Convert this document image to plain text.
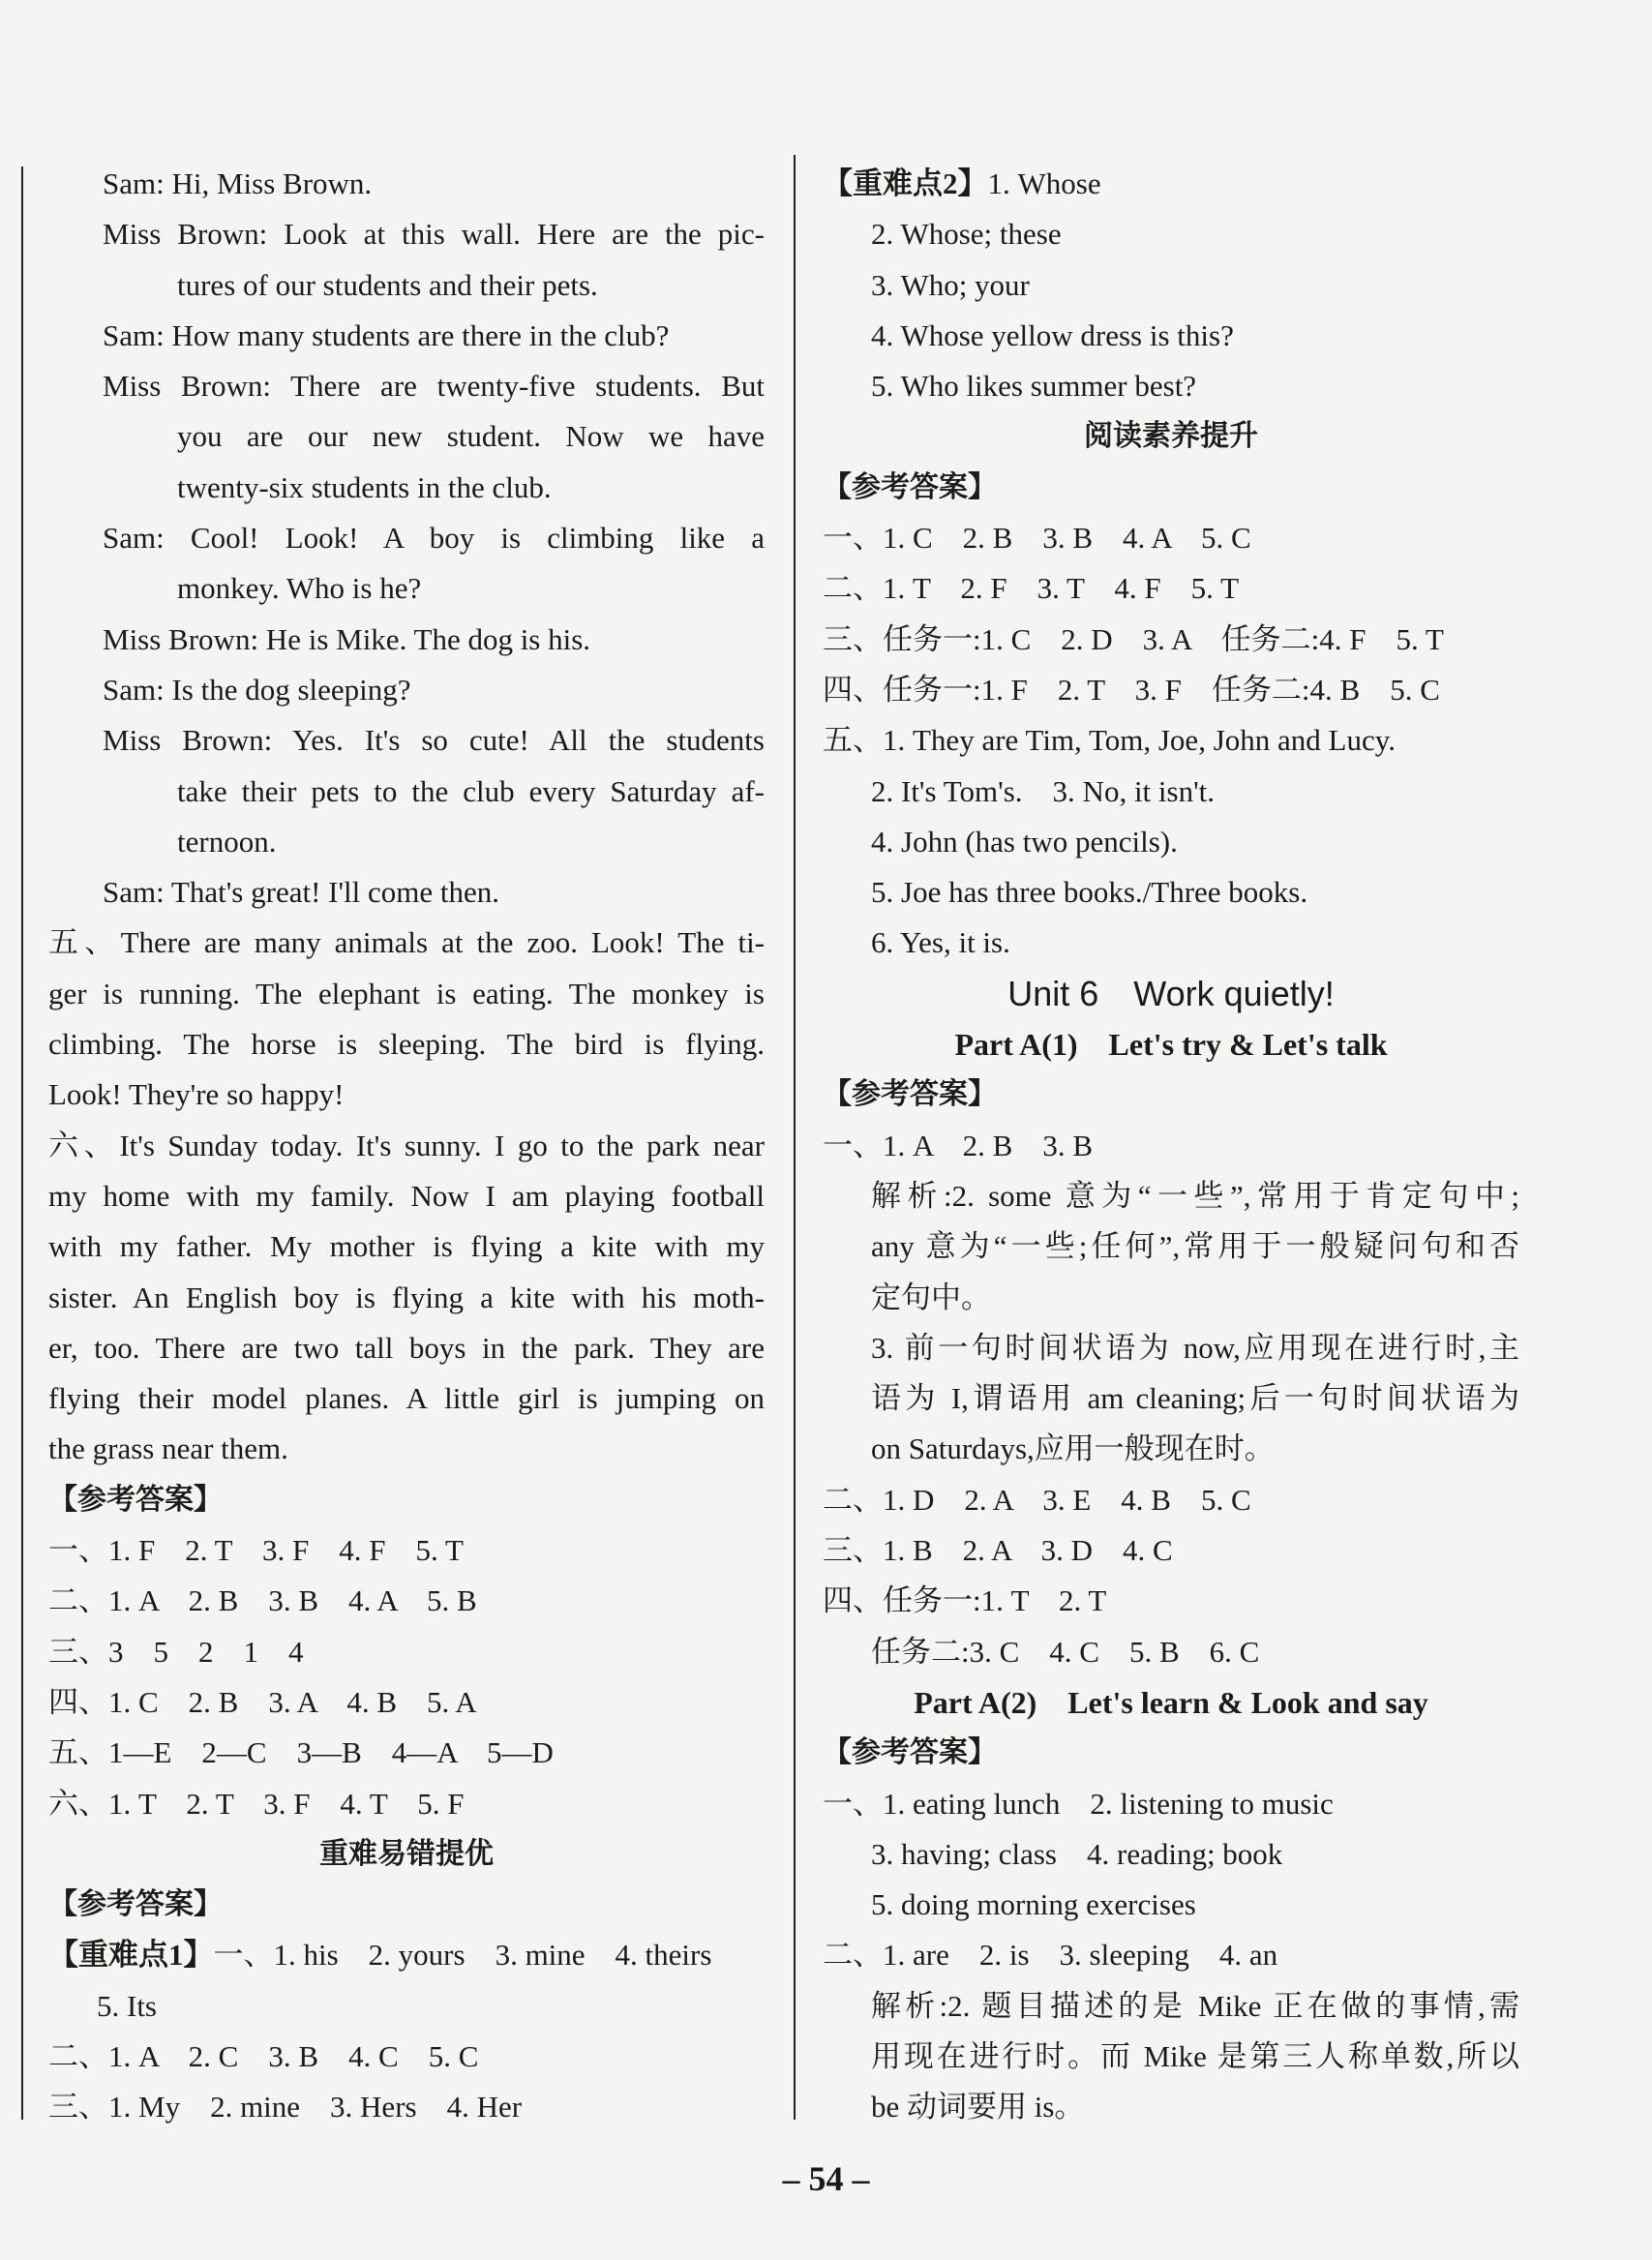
Sam: Hi, Miss Brown.
Miss Brown: Look at this wall. Here are the pic-
tures of our students and their pets.
Sam: How many students are there in the club?
Miss Brown: There are twenty-five students. But
you are our new student. Now we have
twenty-six students in the club.
Sam: Cool! Look! A boy is climbing like a
monkey. Who is he?
Miss Brown: He is Mike. The dog is his.
Sam: Is the dog sleeping?
Miss Brown: Yes. It's so cute! All the students
take their pets to the club every Saturday af-
ternoon.
Sam: That's great! I'll come then.
五、There are many animals at the zoo. Look! The ti-
ger is running. The elephant is eating. The monkey is
climbing. The horse is sleeping. The bird is flying.
Look! They're so happy!
六、It's Sunday today. It's sunny. I go to the park near
my home with my family. Now I am playing football
with my father. My mother is flying a kite with my
sister. An English boy is flying a kite with his moth-
er, too. There are two tall boys in the park. They are
flying their model planes. A little girl is jumping on
the grass near them.
【参考答案】
一、1. F　2. T　3. F　4. F　5. T
二、1. A　2. B　3. B　4. A　5. B
三、3　5　2　1　4
四、1. C　2. B　3. A　4. B　5. A
五、1—E　2—C　3—B　4—A　5—D
六、1. T　2. T　3. F　4. T　5. F
重难易错提优
【参考答案】
【重难点1】一、1. his　2. yours　3. mine　4. theirs
5. Its
二、1. A　2. C　3. B　4. C　5. C
三、1. My　2. mine　3. Hers　4. Her
【重难点2】1. Whose
2. Whose; these
3. Who; your
4. Whose yellow dress is this?
5. Who likes summer best?
阅读素养提升
【参考答案】
一、1. C　2. B　3. B　4. A　5. C
二、1. T　2. F　3. T　4. F　5. T
三、任务一:1. C　2. D　3. A　任务二:4. F　5. T
四、任务一:1. F　2. T　3. F　任务二:4. B　5. C
五、1. They are Tim, Tom, Joe, John and Lucy.
2. It's Tom's.　3. No, it isn't.
4. John (has two pencils).
5. Joe has three books./Three books.
6. Yes, it is.
Unit 6　Work quietly!
Part A(1)　Let's try & Let's talk
【参考答案】
一、1. A　2. B　3. B
解析:2. some 意为“一些”,常用于肯定句中;
any 意为“一些;任何”,常用于一般疑问句和否
定句中。
3. 前一句时间状语为 now,应用现在进行时,主
语为 I,谓语用 am cleaning;后一句时间状语为
on Saturdays,应用一般现在时。
二、1. D　2. A　3. E　4. B　5. C
三、1. B　2. A　3. D　4. C
四、任务一:1. T　2. T
任务二:3. C　4. C　5. B　6. C
Part A(2)　Let's learn & Look and say
【参考答案】
一、1. eating lunch　2. listening to music
3. having; class　4. reading; book
5. doing morning exercises
二、1. are　2. is　3. sleeping　4. an
解析:2. 题目描述的是 Mike 正在做的事情,需
用现在进行时。而 Mike 是第三人称单数,所以
be 动词要用 is。
– 54 –
